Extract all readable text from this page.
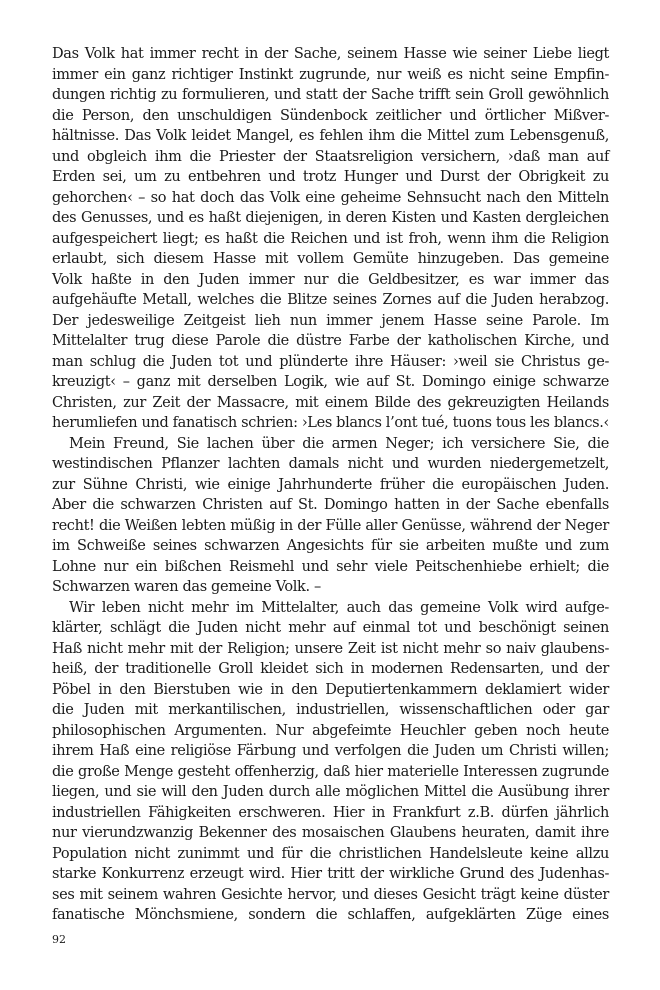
Das Volk hat immer recht in der Sache, seinem Hasse wie seiner Liebe liegt
immer ein ganz richtiger Instinkt zugrunde, nur weiß es nicht seine Empfin-
dungen richtig zu formulieren, und statt der Sache trifft sein Groll gewöhnlich
die Person, den unschuldigen Sündenbock zeitlicher und örtlicher Mißver-
hältnisse. Das Volk leidet Mangel, es fehlen ihm die Mittel zum Lebensgenuß,
und obgleich ihm die Priester der Staatsreligion versichern, ›daß man auf
Erden sei, um zu entbehren und trotz Hunger und Durst der Obrigkeit zu
gehorchen‹ – so hat doch das Volk eine geheime Sehnsucht nach den Mitteln
des Genusses, und es haßt diejenigen, in deren Kisten und Kasten dergleichen
aufgespeichert liegt; es haßt die Reichen und ist froh, wenn ihm die Religion
erlaubt, sich diesem Hasse mit vollem Gemüte hinzugeben. Das gemeine
Volk haßte in den Juden immer nur die Geldbesitzer, es war immer das
aufgehäufte Metall, welches die Blitze seines Zornes auf die Juden herabzog.
Der jedesweilige Zeitgeist lieh nun immer jenem Hasse seine Parole. Im
Mittelalter trug diese Parole die düstre Farbe der katholischen Kirche, und
man schlug die Juden tot und plünderte ihre Häuser: ›weil sie Christus ge-
kreuzigt‹ – ganz mit derselben Logik, wie auf St. Domingo einige schwarze
Christen, zur Zeit der Massacre, mit einem Bilde des gekreuzigten Heilands
herumliefen und fanatisch schrien: ›Les blancs l’ont tué, tuons tous les blancs.‹
Mein Freund, Sie lachen über die armen Neger; ich versichere Sie, die
westindischen Pflanzer lachten damals nicht und wurden niedergemetzelt,
zur Sühne Christi, wie einige Jahrhunderte früher die europäischen Juden.
Aber die schwarzen Christen auf St. Domingo hatten in der Sache ebenfalls
recht! die Weißen lebten müßig in der Fülle aller Genüsse, während der Neger
im Schweiße seines schwarzen Angesichts für sie arbeiten mußte und zum
Lohne nur ein bißchen Reismehl und sehr viele Peitschenhiebe erhielt; die
Schwarzen waren das gemeine Volk. –
Wir leben nicht mehr im Mittelalter, auch das gemeine Volk wird aufge-
klärter, schlägt die Juden nicht mehr auf einmal tot und beschönigt seinen
Haß nicht mehr mit der Religion; unsere Zeit ist nicht mehr so naiv glaubens-
heiß, der traditionelle Groll kleidet sich in modernen Redensarten, und der
Pöbel in den Bierstuben wie in den Deputiertenkammern deklamiert wider
die Juden mit merkantilischen, industriellen, wissenschaftlichen oder gar
philosophischen Argumenten. Nur abgefeimte Heuchler geben noch heute
ihrem Haß eine religiöse Färbung und verfolgen die Juden um Christi willen;
die große Menge gesteht offenherzig, daß hier materielle Interessen zugrunde
liegen, und sie will den Juden durch alle möglichen Mittel die Ausübung ihrer
industriellen Fähigkeiten erschweren. Hier in Frankfurt z.B. dürfen jährlich
nur vierundzwanzig Bekenner des mosaischen Glaubens heuraten, damit ihre
Population nicht zunimmt und für die christlichen Handelsleute keine allzu
starke Konkurrenz erzeugt wird. Hier tritt der wirkliche Grund des Judenhas-
ses mit seinem wahren Gesichte hervor, und dieses Gesicht trägt keine düster
fanatische Mönchsmiene, sondern die schlaffen, aufgeklärten Züge eines
92
